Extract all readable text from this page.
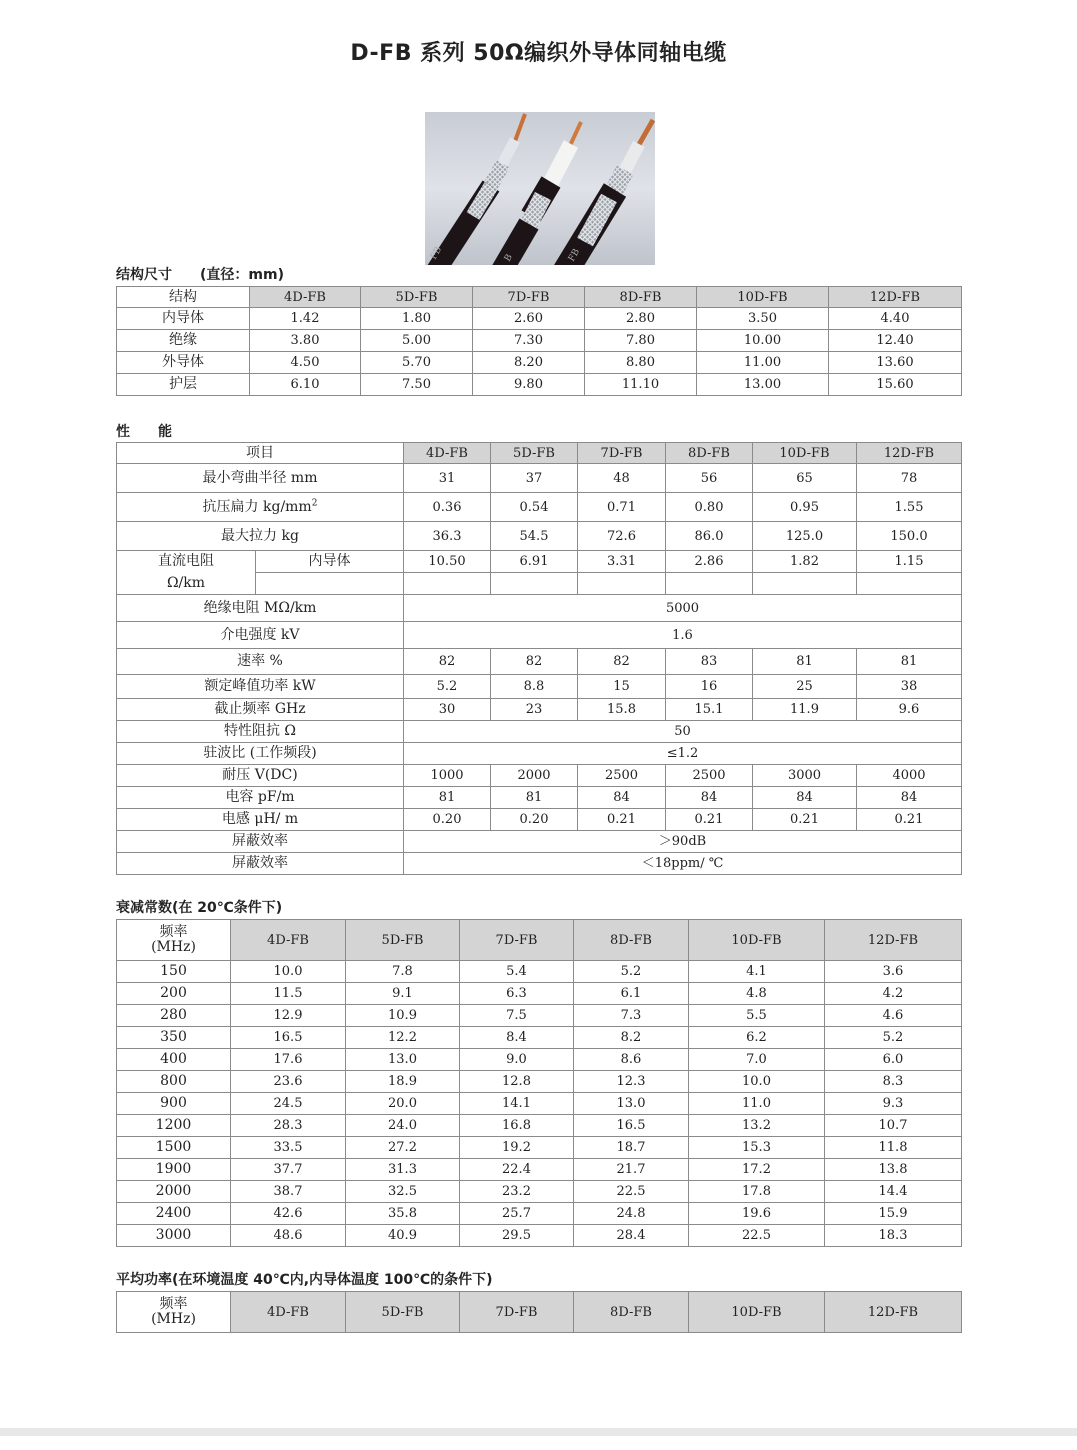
D-FB 系列 50Ω编织外导体同轴电缆
FB	B	FB
结构尺寸　　(直径：mm)
结构	4D-FB	5D-FB	7D-FB	8D-FB	10D-FB	12D-FB
内导体	1.42	1.80	2.60	2.80	3.50	4.40
绝缘	3.80	5.00	7.30	7.80	10.00	12.40
外导体	4.50	5.70	8.20	8.80	11.00	13.60
护层	6.10	7.50	9.80	11.10	13.00	15.60
性　　能
项目		4D-FB	5D-FB	7D-FB	8D-FB	10D-FB	12D-FB
最小弯曲半径 mm		31	37	48	56	65	78
抗压扁力 $kg/mm^2$		0.36	0.54	0.71	0.80	0.95	1.55
最大拉力 kg		36.3	54.5	72.6	86.0	125.0	150.0
直流电阻	内导体	10.50	6.91	3.31	2.86	1.82	1.15
Ω/km							
绝缘电阻 MΩ/km		5000					
介电强度 kV		1.6					
速率 %		82	82	82	83	81	81
额定峰值功率 kW		5.2	8.8	15	16	25	38
截止频率 GHz		30	23	15.8	15.1	11.9	9.6
特性阻抗 Ω		50					
驻波比 (工作频段)		≤1.2					
耐压 V(DC)		1000	2000	2500	2500	3000	4000
电容 pF/m		81	81	84	84	84	84
电感 μH/ m		0.20	0.20	0.21	0.21	0.21	0.21
屏蔽效率		＞90dB					
屏蔽效率		＜18ppm/ ℃					
衰减常数(在 20℃条件下)
频率
(MHz)	4D-FB	5D-FB	7D-FB	8D-FB	10D-FB	12D-FB
150	10.0	7.8	5.4	5.2	4.1	3.6
200	11.5	9.1	6.3	6.1	4.8	4.2
280	12.9	10.9	7.5	7.3	5.5	4.6
350	16.5	12.2	8.4	8.2	6.2	5.2
400	17.6	13.0	9.0	8.6	7.0	6.0
800	23.6	18.9	12.8	12.3	10.0	8.3
900	24.5	20.0	14.1	13.0	11.0	9.3
1200	28.3	24.0	16.8	16.5	13.2	10.7
1500	33.5	27.2	19.2	18.7	15.3	11.8
1900	37.7	31.3	22.4	21.7	17.2	13.8
2000	38.7	32.5	23.2	22.5	17.8	14.4
2400	42.6	35.8	25.7	24.8	19.6	15.9
3000	48.6	40.9	29.5	28.4	22.5	18.3
平均功率(在环境温度 40℃内,内导体温度 100℃的条件下)
频率
(MHz)	4D-FB	5D-FB	7D-FB	8D-FB	10D-FB	12D-FB
